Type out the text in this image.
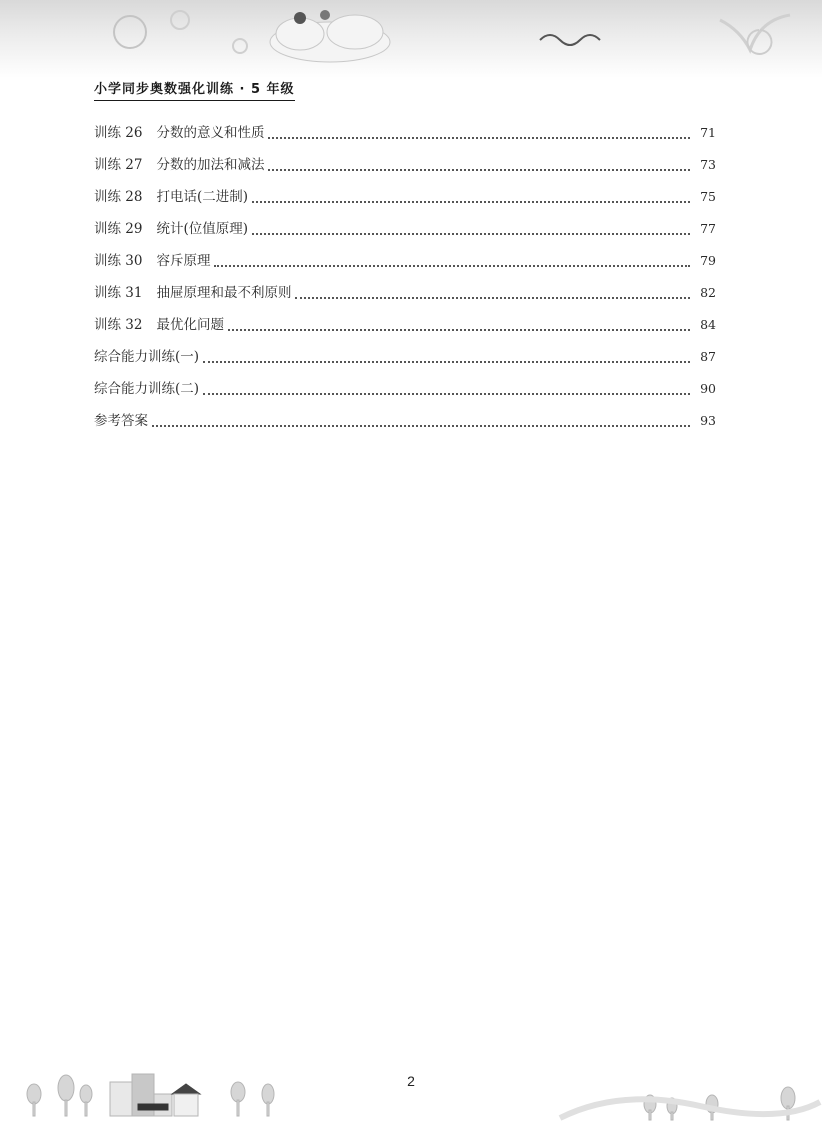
小学同步奥数强化训练 · 5 年级
训练 26 分数的意义和性质	71
训练 27 分数的加法和减法	73
训练 28 打电话(二进制)	75
训练 29 统计(位值原理)	77
训练 30 容斥原理	79
训练 31 抽屉原理和最不利原则	82
训练 32 最优化问题	84
综合能力训练(一)	87
综合能力训练(二)	90
参考答案	93
2
